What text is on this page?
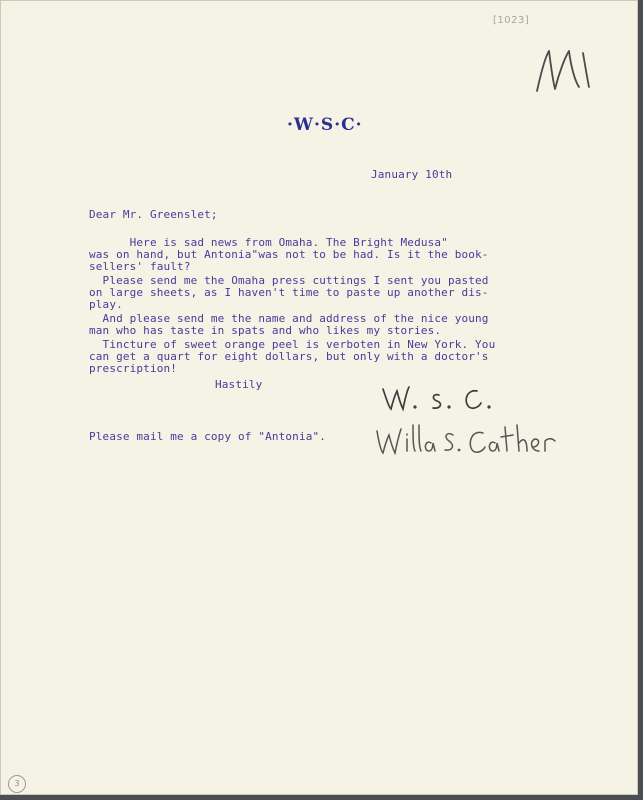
[1023]
·W·S·C·
January 10th
Dear Mr. Greenslet;
Here is sad news from Omaha. The Bright Medusa"
was on hand, but Antonia"was not to be had. Is it the book-
sellers' fault?
Please send me the Omaha press cuttings I sent you pasted
on large sheets, as I haven't time to paste up another dis-
play.
And please send me the name and address of the nice young
man who has taste in spats and who likes my stories.
Tincture of sweet orange peel is verboten in New York. You
can get a quart for eight dollars, but only with a doctor's
prescription!
Hastily
Please mail me a copy of "Antonia".
3
